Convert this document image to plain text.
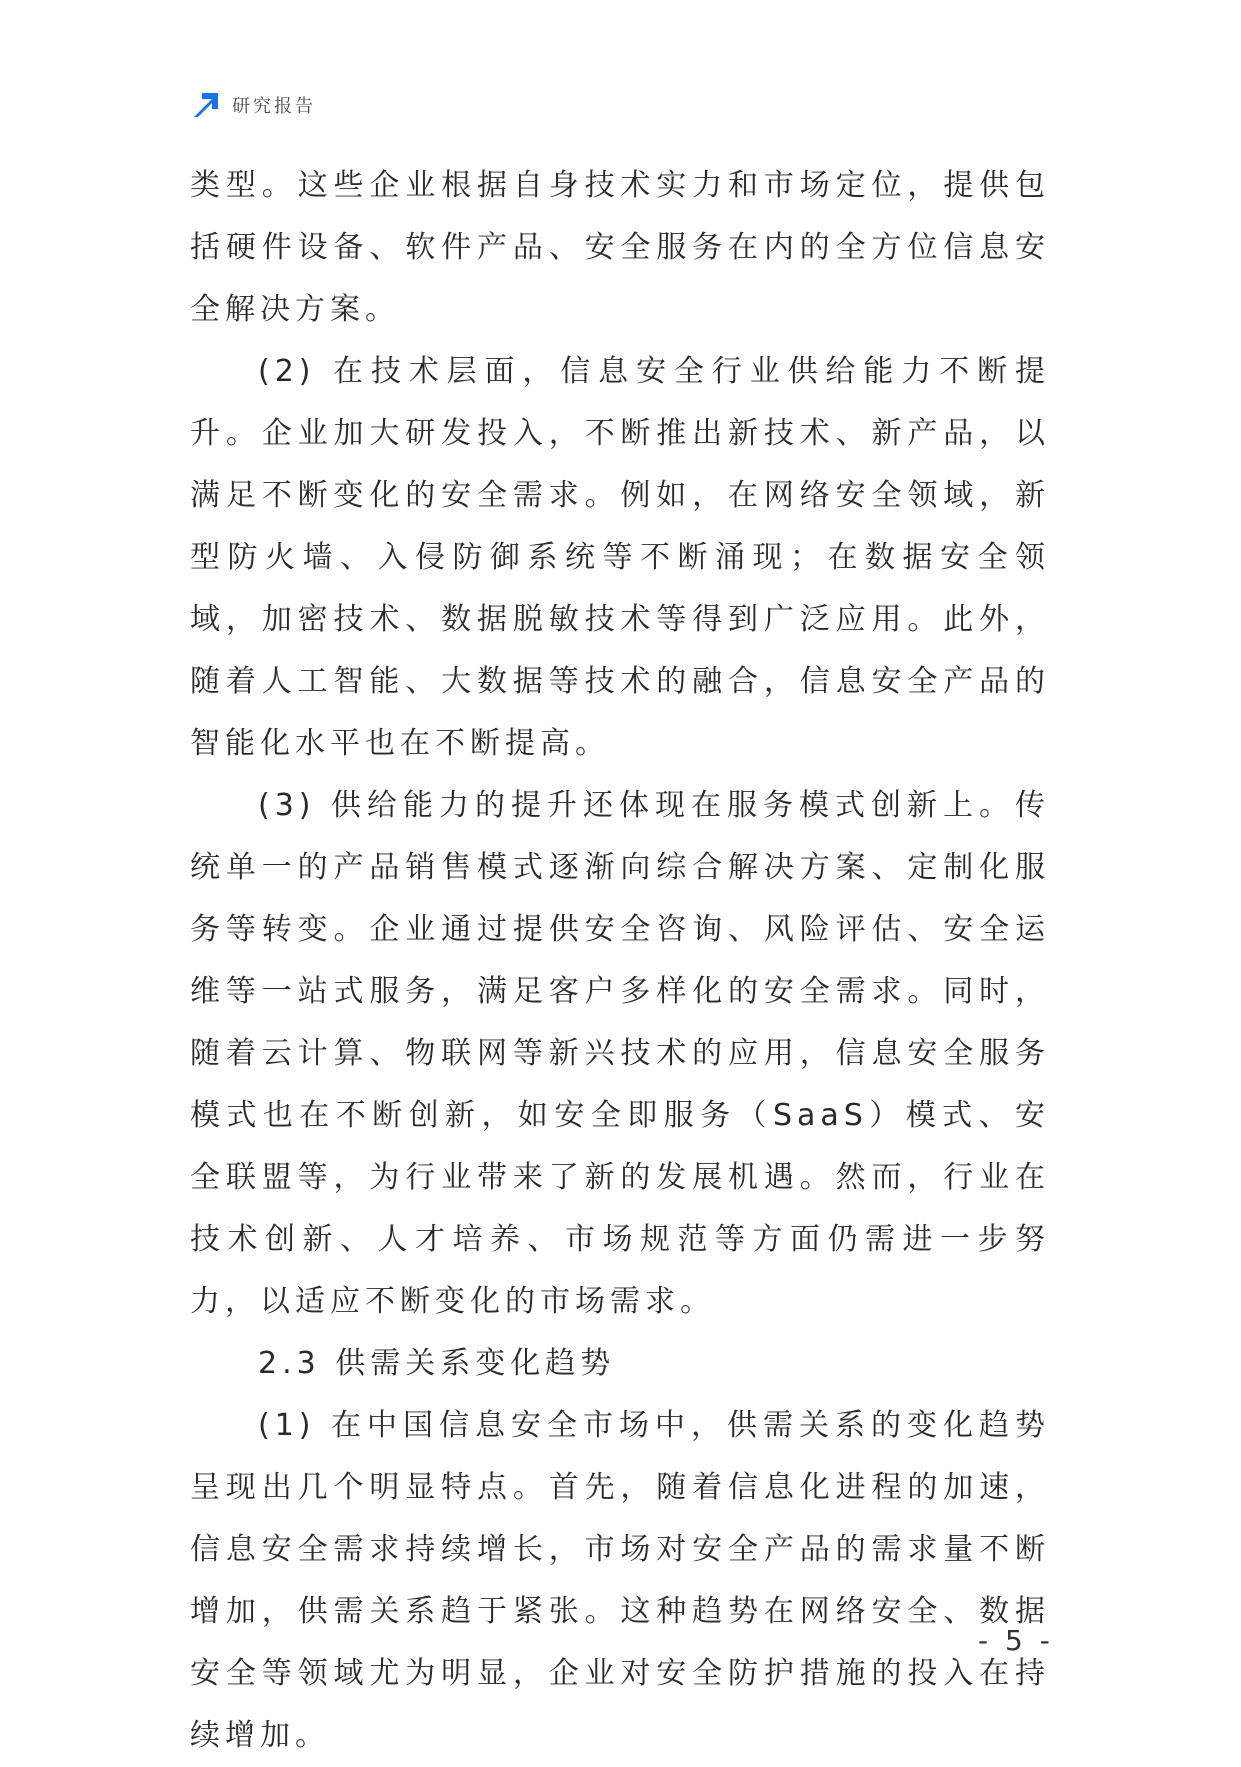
研究报告

类型。这些企业根据自身技术实力和市场定位，提供包括硬件设备、软件产品、安全服务在内的全方位信息安全解决方案。

(2) 在技术层面，信息安全行业供给能力不断提升。企业加大研发投入，不断推出新技术、新产品，以满足不断变化的安全需求。例如，在网络安全领域，新型防火墙、入侵防御系统等不断涌现；在数据安全领域，加密技术、数据脱敏技术等得到广泛应用。此外，随着人工智能、大数据等技术的融合，信息安全产品的智能化水平也在不断提高。

(3) 供给能力的提升还体现在服务模式创新上。传统单一的产品销售模式逐渐向综合解决方案、定制化服务等转变。企业通过提供安全咨询、风险评估、安全运维等一站式服务，满足客户多样化的安全需求。同时，随着云计算、物联网等新兴技术的应用，信息安全服务模式也在不断创新，如安全即服务（SaaS）模式、安全联盟等，为行业带来了新的发展机遇。然而，行业在技术创新、人才培养、市场规范等方面仍需进一步努力，以适应不断变化的市场需求。

2.3 供需关系变化趋势

(1) 在中国信息安全市场中，供需关系的变化趋势呈现出几个明显特点。首先，随着信息化进程的加速，信息安全需求持续增长，市场对安全产品的需求量不断增加，供需关系趋于紧张。这种趋势在网络安全、数据安全等领域尤为明显，企业对安全防护措施的投入在持续增加。

- 5 -
